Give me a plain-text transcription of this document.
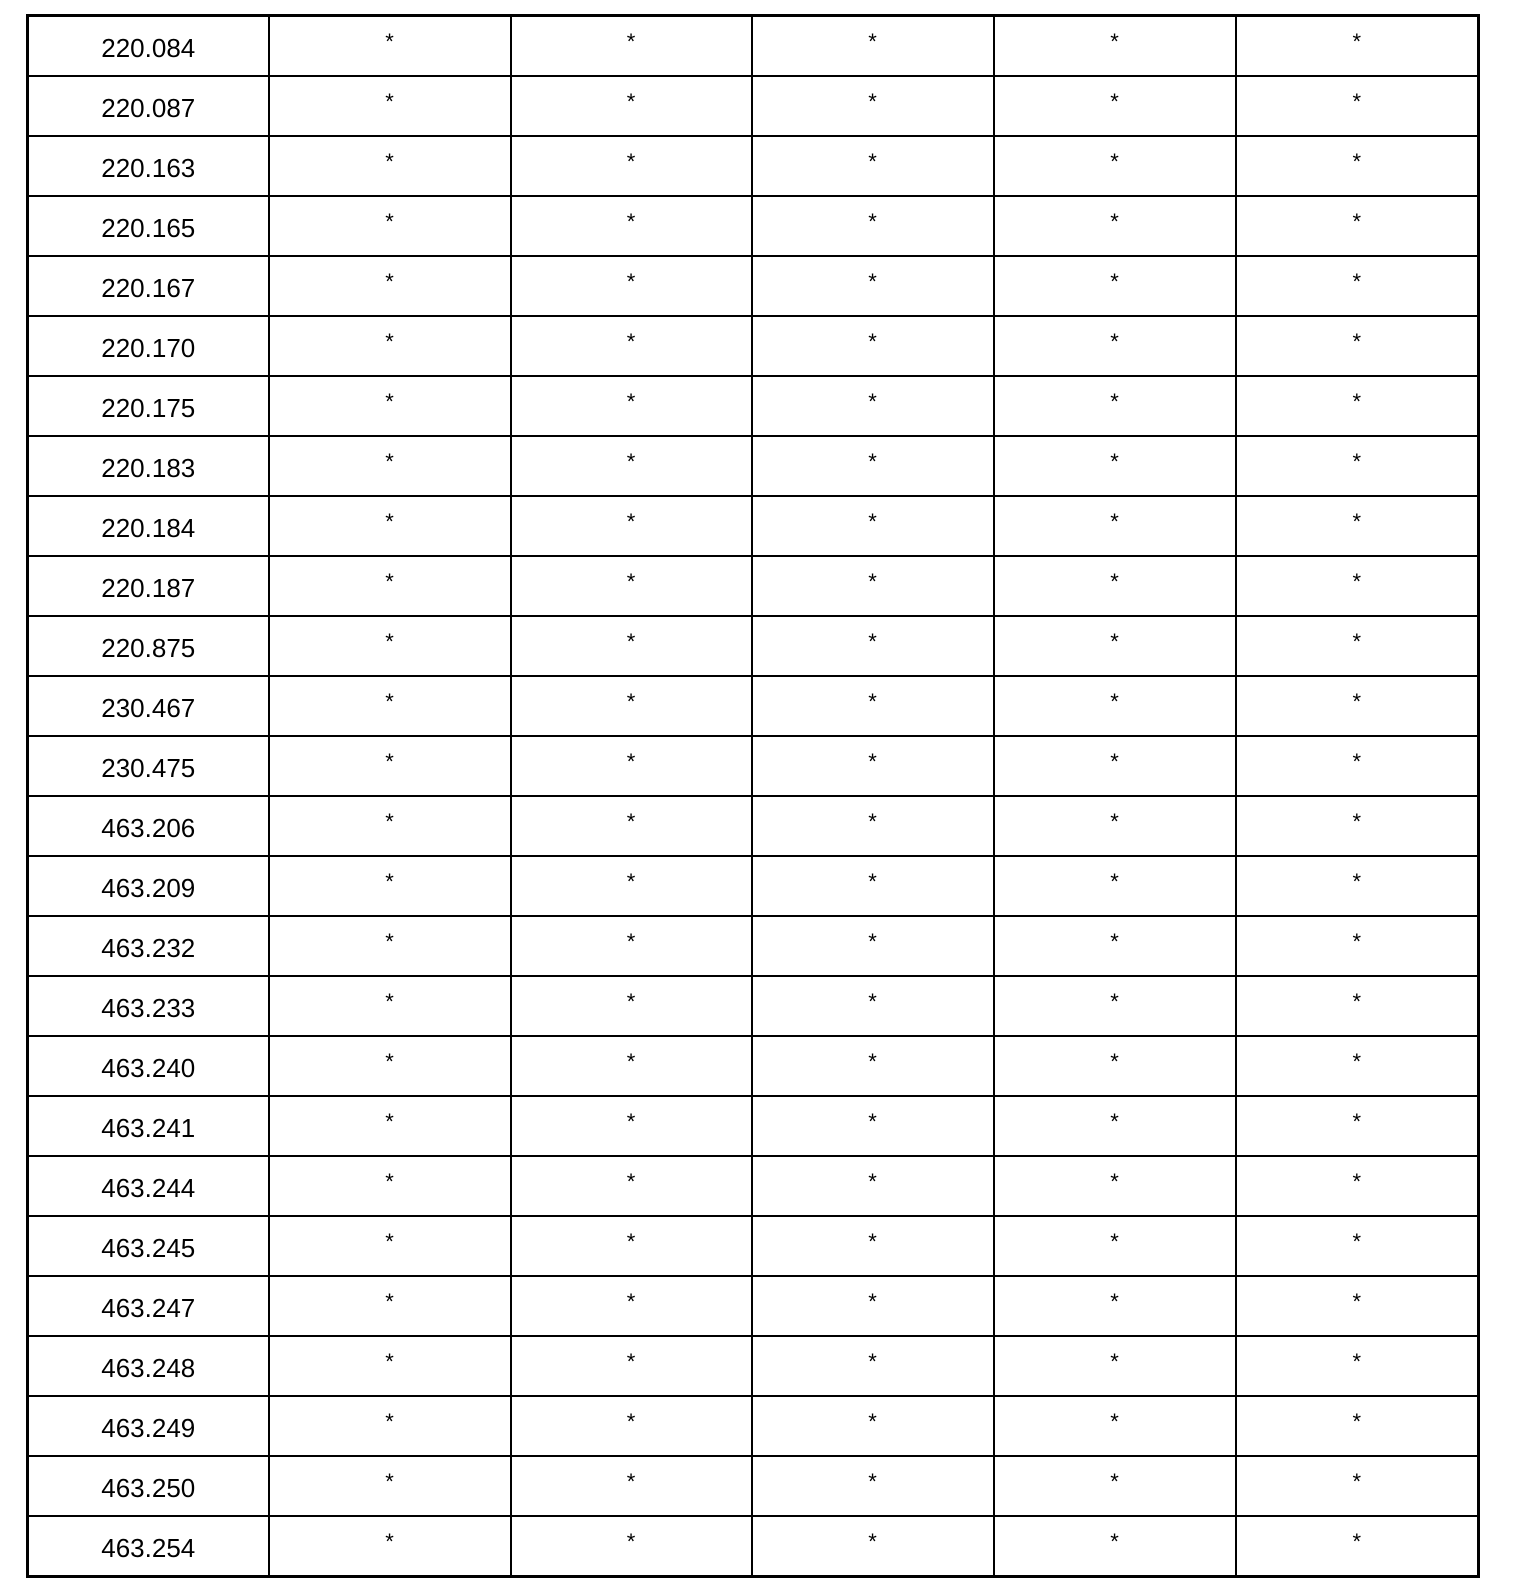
220.084	*	*	*	*	*
220.087	*	*	*	*	*
220.163	*	*	*	*	*
220.165	*	*	*	*	*
220.167	*	*	*	*	*
220.170	*	*	*	*	*
220.175	*	*	*	*	*
220.183	*	*	*	*	*
220.184	*	*	*	*	*
220.187	*	*	*	*	*
220.875	*	*	*	*	*
230.467	*	*	*	*	*
230.475	*	*	*	*	*
463.206	*	*	*	*	*
463.209	*	*	*	*	*
463.232	*	*	*	*	*
463.233	*	*	*	*	*
463.240	*	*	*	*	*
463.241	*	*	*	*	*
463.244	*	*	*	*	*
463.245	*	*	*	*	*
463.247	*	*	*	*	*
463.248	*	*	*	*	*
463.249	*	*	*	*	*
463.250	*	*	*	*	*
463.254	*	*	*	*	*
